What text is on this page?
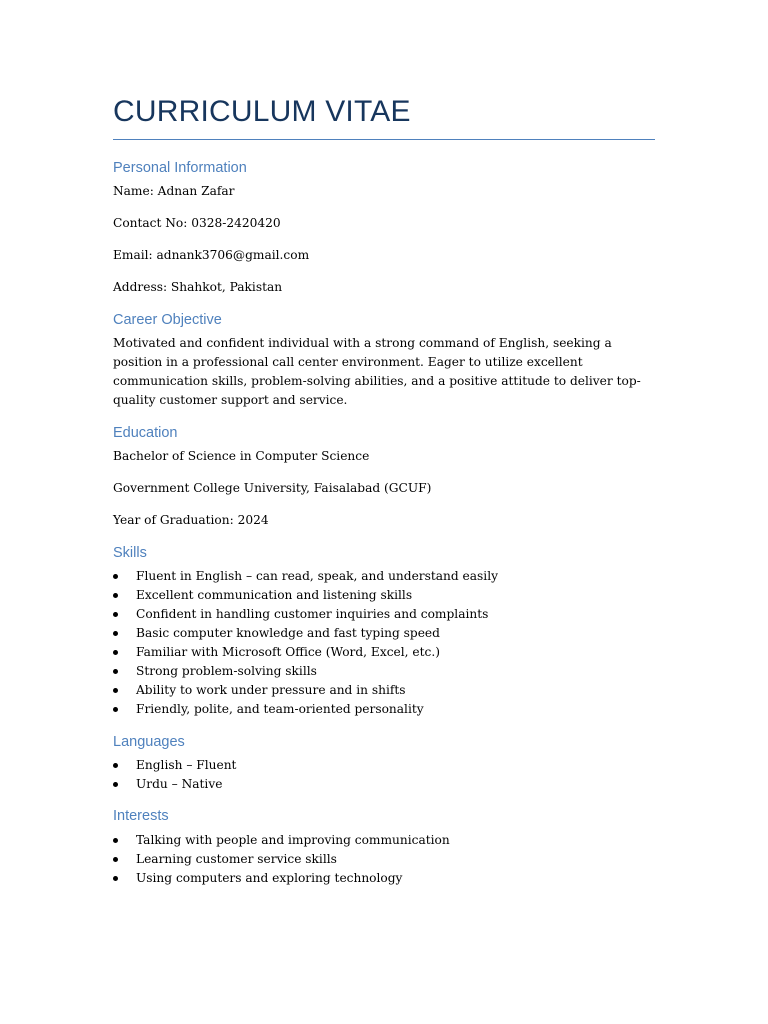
CURRICULUM VITAE
Personal Information
Name: Adnan Zafar
Contact No: 0328-2420420
Email: adnank3706@gmail.com
Address: Shahkot, Pakistan
Career Objective
Motivated and confident individual with a strong command of English, seeking a position in a professional call center environment. Eager to utilize excellent communication skills, problem-solving abilities, and a positive attitude to deliver top-quality customer support and service.
Education
Bachelor of Science in Computer Science
Government College University, Faisalabad (GCUF)
Year of Graduation: 2024
Skills
Fluent in English – can read, speak, and understand easily
Excellent communication and listening skills
Confident in handling customer inquiries and complaints
Basic computer knowledge and fast typing speed
Familiar with Microsoft Office (Word, Excel, etc.)
Strong problem-solving skills
Ability to work under pressure and in shifts
Friendly, polite, and team-oriented personality
Languages
English – Fluent
Urdu – Native
Interests
Talking with people and improving communication
Learning customer service skills
Using computers and exploring technology
